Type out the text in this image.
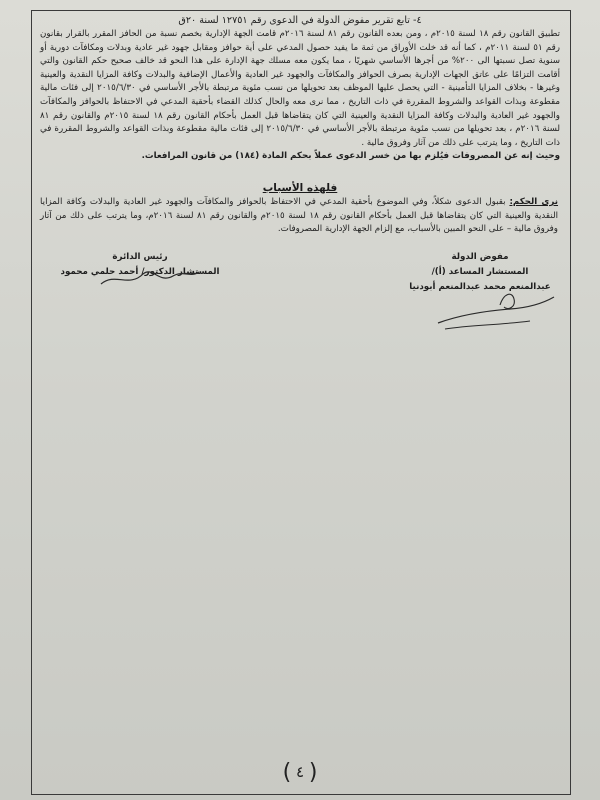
٤- تابع تقرير مفوض الدولة في الدعوى رقم ١٢٧٥١ لسنة ٢٠ق

تطبيق القانون رقم ١٨ لسنة ٢٠١٥م ، ومن بعده القانون رقم ٨١ لسنة ٢٠١٦م قامت الجهة الإدارية بخصم نسبة من الحافز المقرر بالقرار بقانون رقم ٥١ لسنة ٢٠١١م ، كما أنه قد خلت الأوراق من ثمة ما يفيد حصول المدعي على أية حوافز ومقابل جهود غير عادية وبدلات ومكافآت دورية أو سنوية تصل نسبتها الى ٢٠٠% من أجرها الأساسي شهريًا ، مما يكون معه مسلك جهة الإدارة على هذا النحو قد خالف صحيح حكم القانون والتي أقامت التزامًا على عاتق الجهات الإدارية بصرف الحوافز والمكافآت والجهود غير العادية والأعمال الإضافية والبدلات وكافة المزايا النقدية والعينية وغيرها - بخلاف المزايا التأمينية - التي يحصل عليها الموظف بعد تحويلها من نسب مئوية مرتبطة بالأجر الأساسي في ٢٠١٥/٦/٣٠ إلى فئات مالية مقطوعة وبذات القواعد والشروط المقررة في ذات التاريخ ، مما نرى معه والحال كذلك القضاء بأحقية المدعي في الاحتفاظ بالحوافز والمكافآت والجهود غير العادية والبدلات وكافة المزايا النقدية والعينية التي كان يتقاضاها قبل العمل بأحكام القانون رقم ١٨ لسنة ٢٠١٥م والقانون رقم ٨١ لسنة ٢٠١٦م ، بعد تحويلها من نسب مئوية مرتبطة بالأجر الأساسي في ٢٠١٥/٦/٣٠ إلى فئات مالية مقطوعة وبذات القواعد والشروط المقررة في ذات التاريخ ، وما يترتب على ذلك من آثار وفروق مالية .

وحيث إنه عن المصروفات فيُلزم بها من خسر الدعوى عملاً بحكم المادة (١٨٤) من قانون المرافعات.

فلهذه الأسباب
نرى الحكم: بقبول الدعوى شكلاً، وفي الموضوع بأحقية المدعي في الاحتفاظ بالحوافز والمكافآت والجهود غير العادية والبدلات وكافة المزايا النقدية والعينية التي كان يتقاضاها قبل العمل بأحكام القانون رقم ١٨ لسنة ٢٠١٥م والقانون رقم ٨١ لسنة ٢٠١٦م، وما يترتب على ذلك من آثار وفروق مالية – على النحو المبين بالأسباب، مع إلزام الجهة الإدارية المصروفات.
مفوض الدولة
المستشار المساعد (أ)/
عبدالمنعم محمد عبدالمنعم أبودنيا
رئيس الدائرة
المستشار الدكتور/ أحمد حلمي محمود
( ٤ )
